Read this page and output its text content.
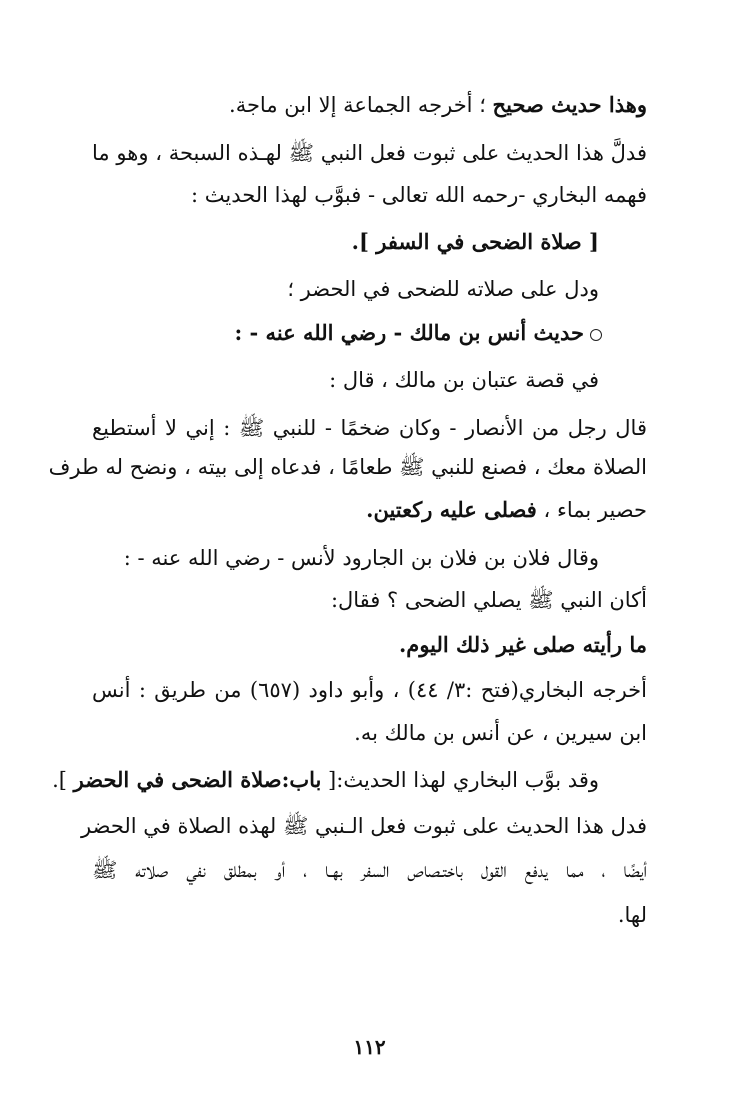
وهذا حديث صحيح ؛ أخرجه الجماعة إلا ابن ماجة.
فدلَّ هذا الحديث على ثبوت فعل النبي ﷺ لهـذه السبحة ، وهو ما
فهمه البخاري -رحمه الله تعالى - فبوَّب لهذا الحديث :
[ صلاة الضحى في السفر ].
ودل على صلاته للضحى في الحضر ؛
حديث أنس بن مالك - رضي الله عنه - :
في قصة عتبان بن مالك ، قال :
قال رجل من الأنصار - وكان ضخمًا - للنبي ﷺ : إني لا أستطيع
الصلاة معك ، فصنع للنبي ﷺ طعامًا ، فدعاه إلى بيته ، ونضح له طرف
حصير بماء ، فصلى عليه ركعتين.
وقال فلان بن فلان بن الجارود لأنس - رضي الله عنه - :
أكان النبي ﷺ يصلي الضحى ؟ فقال:
ما رأيته صلى غير ذلك اليوم.
أخرجه البخاري(فتح :٣/ ٤٤) ، وأبو داود (٦٥٧) من طريق : أنس
ابن سيرين ، عن أنس بن مالك به.
وقد بوَّب البخاري لهذا الحديث:[ باب:صلاة الضحى في الحضر ].
فدل هذا الحديث على ثبوت فعل الـنبي ﷺ لهذه الصلاة في الحضر
أيضًا ، مما يدفع القول باختـصاص السفر بهـا ، أو بمطلق نفي صلاته ﷺ
لها.
١١٢
